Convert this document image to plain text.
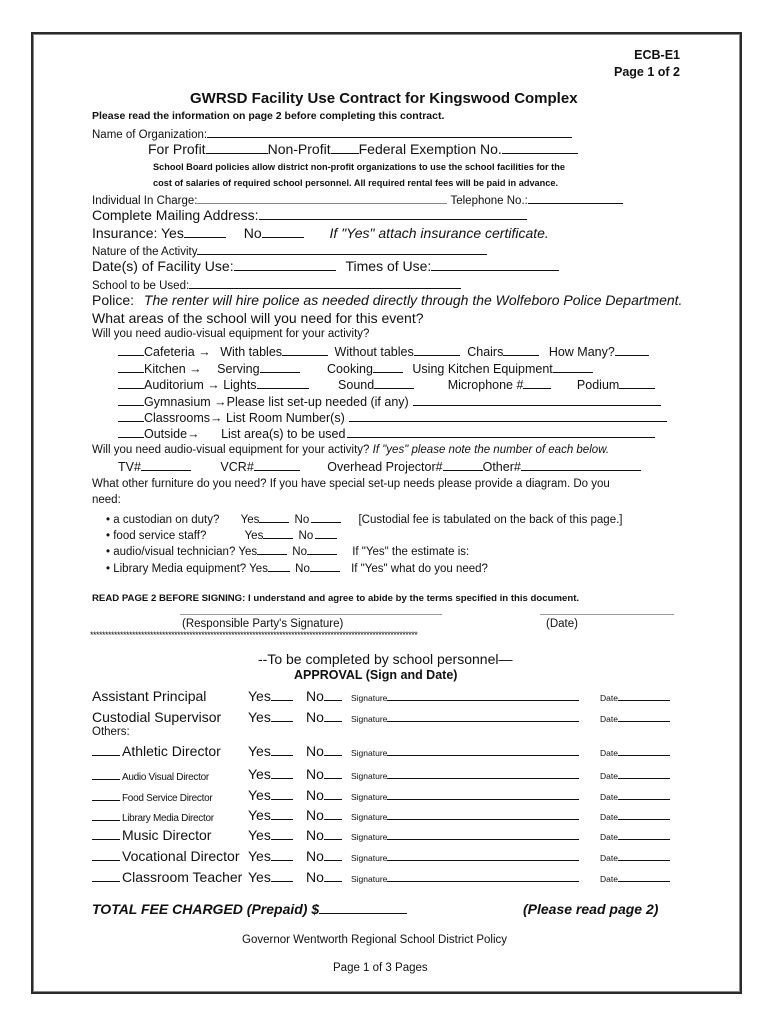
ECB-E1
Page 1 of 2
GWRSD Facility Use Contract for Kingswood Complex
Please read the information on page 2 before completing this contract.
Name of Organization:
For Profit	Non-Profit Federal Exemption No.
School Board policies allow district non-profit organizations to use the school facilities for the
cost of salaries of required school personnel. All required rental fees will be paid in advance.
Individual In Charge:	Telephone No.:
Complete Mailing Address:
Insurance: Yes	No	If "Yes" attach insurance certificate.
Nature of the Activity
Date(s) of Facility Use:	Times of Use:
School to be Used:
Police: The renter will hire police as needed directly through the Wolfeboro Police Department.
What areas of the school will you need for this event?
Will you need audio-visual equipment for your activity?
Cafeteria → With tables	Without tables	Chairs	How Many?
Kitchen → Serving	Cooking	Using Kitchen Equipment
Auditorium → Lights	Sound	Microphone #	Podium
Gymnasium →Please list set-up needed (if any)
Classrooms→ List Room Number(s)
Outside→ List area(s) to be used
Will you need audio-visual equipment for your activity? If "yes" please note the number of each below.
TV#	VCR#	Overhead Projector#	Other#
What other furniture do you need? If you have special set-up needs please provide a diagram. Do you
need:
• a custodian on duty? Yes	No	[Custodial fee is tabulated on the back of this page.]
• food service staff?	Yes	No
• audio/visual technician? Yes	No	If "Yes" the estimate is:
• Library Media equipment? Yes No	If "Yes" what do you need?
READ PAGE 2 BEFORE SIGNING: I understand and agree to abide by the terms specified in this document.
(Responsible Party's Signature)	(Date)
*************************************************************************************************************
--To be completed by school personnel—
APPROVAL (Sign and Date)
Assistant Principal	Yes	No	Signature	Date
Custodial Supervisor Yes	No	Signature	Date
Others:
Athletic Director Yes	No	Signature	Date
Audio Visual Director	Yes	No	Signature	Date
Food Service Director	Yes	No	Signature	Date
Library Media Director Yes	No	Signature	Date
Music Director	Yes	No	Signature	Date
Vocational Director Yes	No	Signature	Date
Classroom Teacher Yes	No	Signature	Date
TOTAL FEE CHARGED (Prepaid) $	(Please read page 2)
Governor Wentworth Regional School District Policy
Page 1 of 3 Pages
